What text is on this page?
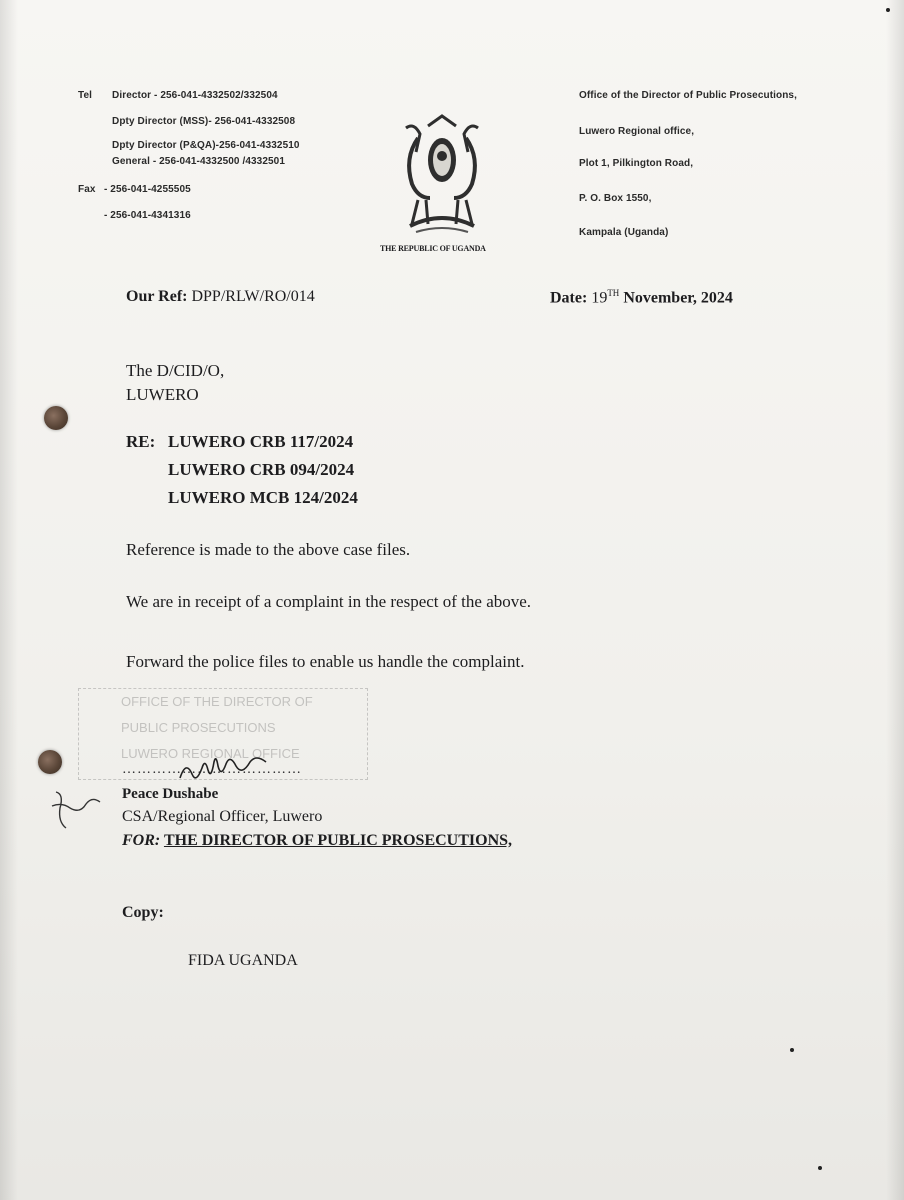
Tel Director - 256-041-4332502/332504
Dpty Director (MSS)- 256-041-4332508
Dpty Director (P&QA)-256-041-4332510
General - 256-041-4332500 /4332501
Fax - 256-041-4255505
- 256-041-4341316
THE REPUBLIC OF UGANDA
Office of the Director of Public Prosecutions,
Luwero Regional office,
Plot 1, Pilkington Road,
P. O. Box 1550,
Kampala (Uganda)
Our Ref: DPP/RLW/RO/014	Date: 19TH November, 2024
The D/CID/O,
LUWERO
RE: LUWERO CRB 117/2024
LUWERO CRB 094/2024
LUWERO MCB 124/2024
Reference is made to the above case files.
We are in receipt of a complaint in the respect of the above.
Forward the police files to enable us handle the complaint.
OFFICE OF THE DIRECTOR OF
PUBLIC PROSECUTIONS
LUWERO REGIONAL OFFICE
………………………………
Peace Dushabe
CSA/Regional Officer, Luwero
FOR: THE DIRECTOR OF PUBLIC PROSECUTIONS,
Copy:
FIDA UGANDA
